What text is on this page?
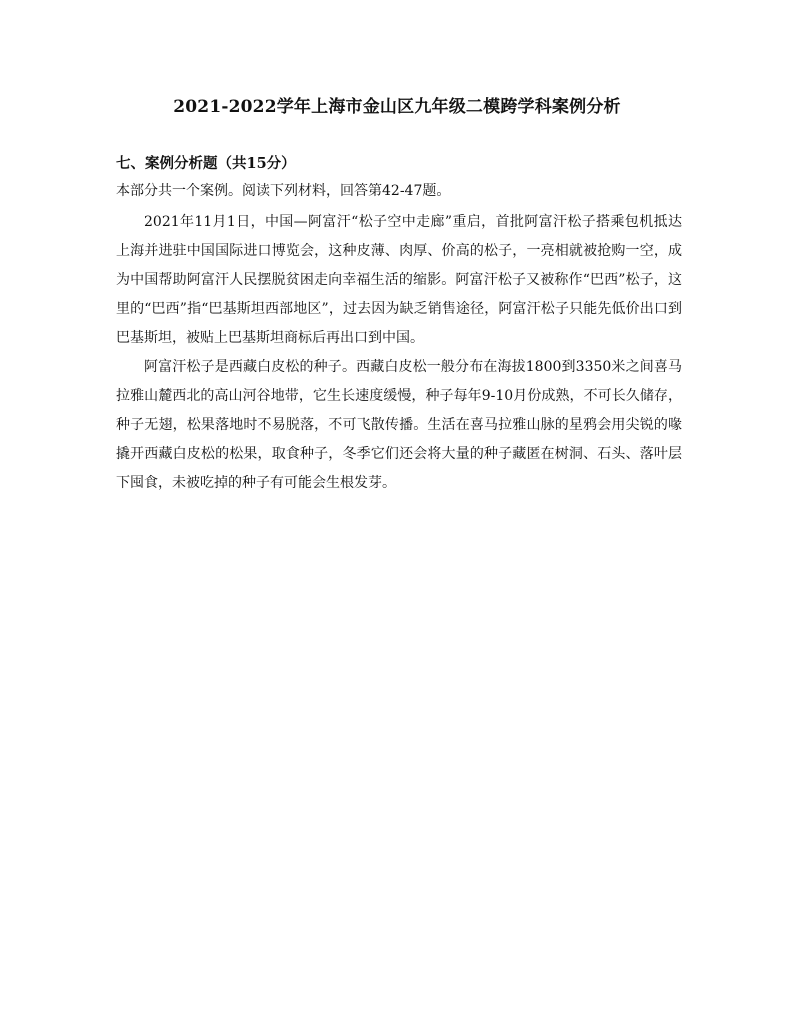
2021-2022学年上海市金山区九年级二模跨学科案例分析
七、案例分析题（共15分）
本部分共一个案例。阅读下列材料，回答第42-47题。

2021年11月1日，中国—阿富汗“松子空中走廊”重启，首批阿富汗松子搭乘包机抵达上海并进驻中国国际进口博览会，这种皮薄、肉厚、价高的松子，一亮相就被抢购一空，成为中国帮助阿富汗人民摆脱贫困走向幸福生活的缩影。阿富汗松子又被称作“巴西”松子，这里的“巴西”指“巴基斯坦西部地区”，过去因为缺乏销售途径，阿富汗松子只能先低价出口到巴基斯坦，被贴上巴基斯坦商标后再出口到中国。

阿富汗松子是西藏白皮松的种子。西藏白皮松一般分布在海拔1800到3350米之间喜马拉雅山麓西北的高山河谷地带，它生长速度缓慢，种子每年9-10月份成熟，不可长久储存，种子无翅，松果落地时不易脱落，不可飞散传播。生活在喜马拉雅山脉的星鸦会用尖锐的喙撬开西藏白皮松的松果，取食种子，冬季它们还会将大量的种子藏匿在树洞、石头、落叶层下囤食，未被吃掉的种子有可能会生根发芽。
